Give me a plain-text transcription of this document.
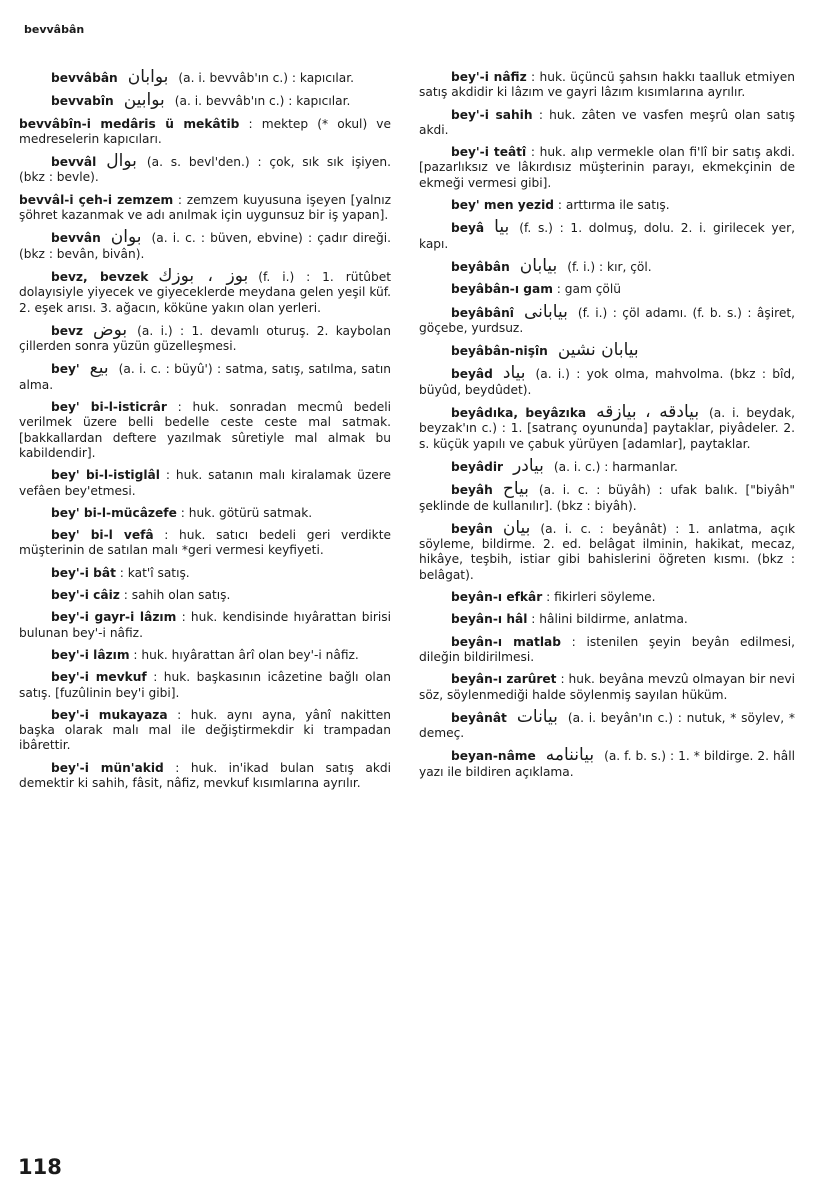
bevvâbân
bevvâbân بوابان (a. i. bevvâb'ın c.) : kapıcılar.
bevvabîn بوابين (a. i. bevvâb'ın c.) : kapıcılar.
bevvâbîn-i medâris ü mekâtib : mektep (* okul) ve medreselerin kapıcıları.
bevvâl بوال (a. s. bevl'den.) : çok, sık sık işiyen. (bkz : bevle).
bevvâl-i çeh-i zemzem : zemzem kuyusuna işeyen [yalnız şöhret kazanmak ve adı anılmak için uygunsuz bir iş yapan].
bevvân بوان (a. i. c. : büven, ebvine) : çadır direği. (bkz : bevân, bivân).
bevz, bevzek بوز ، بوزك (f. i.) : 1. rütûbet dolayısiyle yiyecek ve giyeceklerde meydana gelen yeşil küf. 2. eşek arısı. 3. ağacın, köküne yakın olan yerleri.
bevz بوض (a. i.) : 1. devamlı oturuş. 2. kaybolan çillerden sonra yüzün güzelleşmesi.
bey' بيع (a. i. c. : büyû') : satma, satış, satılma, satın alma.
bey' bi-l-isticrâr : huk. sonradan mecmû bedeli verilmek üzere belli bedelle ceste ceste mal satmak. [bakkallardan deftere yazılmak sûretiyle mal almak bu kabildendir].
bey' bi-l-istiglâl : huk. satanın malı kiralamak üzere vefâen bey'etmesi.
bey' bi-l-mücâzefe : huk. götürü satmak.
bey' bi-l vefâ : huk. satıcı bedeli geri verdikte müşterinin de satılan malı *geri vermesi keyfiyeti.
bey'-i bât : kat'î satış.
bey'-i câiz : sahih olan satış.
bey'-i gayr-i lâzım : huk. kendisinde hıyârattan birisi bulunan bey'-i nâfiz.
bey'-i lâzım : huk. hıyârattan ârî olan bey'-i nâfiz.
bey'-i mevkuf : huk. başkasının icâzetine bağlı olan satış. [fuzûlinin bey'i gibi].
bey'-i mukayaza : huk. aynı ayna, yânî nakitten başka olarak malı mal ile değiştirmekdir ki trampadan ibârettir.
bey'-i mün'akid : huk. in'ikad bulan satış akdi demektir ki sahih, fâsit, nâfiz, mevkuf kısımlarına ayrılır.
bey'-i nâfiz : huk. üçüncü şahsın hakkı taalluk etmiyen satış akdidir ki lâzım ve gayri lâzım kısımlarına ayrılır.
bey'-i sahih : huk. zâten ve vasfen meşrû olan satış akdi.
bey'-i teâtî : huk. alıp vermekle olan fi'lî bir satış akdi. [pazarlıksız ve lâkırdısız müşterinin parayı, ekmekçinin de ekmeği vermesi gibi].
bey' men yezid : arttırma ile satış.
beyâ بيا (f. s.) : 1. dolmuş, dolu. 2. i. girilecek yer, kapı.
beyâbân بيابان (f. i.) : kır, çöl.
beyâbân-ı gam : gam çölü
beyâbânî بيابانى (f. i.) : çöl adamı. (f. b. s.) : âşiret, göçebe, yurdsuz.
beyâbân-nişîn بيابان نشين
beyâd بياد (a. i.) : yok olma, mahvolma. (bkz : bîd, büyûd, beydûdet).
beyâdıka, beyâzıka بيادقه ، بيازقه (a. i. beydak, beyzak'ın c.) : 1. [satranç oyununda] paytaklar, piyâdeler. 2. s. küçük yapılı ve çabuk yürüyen [adamlar], paytaklar.
beyâdir بيادر (a. i. c.) : harmanlar.
beyâh بياح (a. i. c. : büyâh) : ufak balık. ["biyâh" şeklinde de kullanılır]. (bkz : biyâh).
beyân بيان (a. i. c. : beyânât) : 1. anlatma, açık söyleme, bildirme. 2. ed. belâgat ilminin, hakikat, mecaz, hikâye, teşbih, istiar gibi bahislerini öğreten kısmı. (bkz : belâgat).
beyân-ı efkâr : fikirleri söyleme.
beyân-ı hâl : hâlini bildirme, anlatma.
beyân-ı matlab : istenilen şeyin beyân edilmesi, dileğin bildirilmesi.
beyân-ı zarûret : huk. beyâna mevzû olmayan bir nevi söz, söylenmediği halde söylenmiş sayılan hüküm.
beyânât بيانات (a. i. beyân'ın c.) : nutuk, * söylev, * demeç.
beyan-nâme بياننامه (a. f. b. s.) : 1. * bildirge. 2. hâll yazı ile bildiren açıklama.
118
